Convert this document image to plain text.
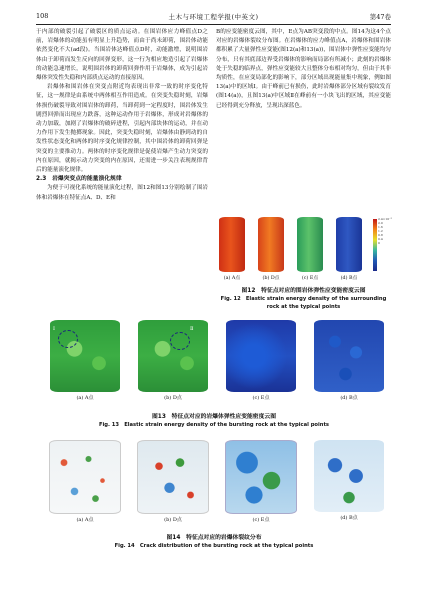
108	土木与环境工程学报(中英文)	第47卷

于内部的破裂引起了破裂区的质点运动。在围岩体应力峰值点D之前，岩爆体的动能虽有明显上升趋势，而由于尚未卸荷，围岩体动能依然变化不大(ad段)。当围岩体达峰值点D时，动能激增，说明围岩体由于卸荷而发生反向的回弹变形，这一行为相应地造引起了岩爆体的动能急速增长，说明围岩体的卸荷回弹作用于岩爆体，成为引起岩爆体突发性失稳和内部质点运动的直接原因。

岩爆体和围岩体在突变点附近均表现出非常一致的时序变化特征，这一规律是由系统中两体相互作用造成。在突变失稳时刻，岩爆体损伤破裂导致对围岩体的卸荷，当卸荷到一定程度时，围岩体发生剧烈回弹而出现应力跌落，这种运动作用于岩爆体，形成对岩爆体的动力加载，加剧了岩爆体的破碎进程，引起内部块体的运动，并在动力作用下发生抛掷现象。因此，突变失稳时刻，岩爆体由静到动的自发性状态变化和两体的时序变化规律控制，其中围岩体的卸荷回弹是突变的主要推动力。两体的时序变化规律是促使岩爆产生动力突变的内在原因，就揭示动力突变的内在原因，还需进一步关注表现规律背后的能量演化规律。

2.3　岩爆突变点的能量演化规律

为便于可视化系统的能量演化过程，图12和图13分别绘制了围岩体和岩爆体在特征点A、D、E和

B的应变能密度云图，其中，E点为AB突变段的中点。图14为这4个点对应的岩爆体裂纹分布图。在岩爆体的应力峰值点A，岩爆体和围岩体都积累了大量弹性应变能(图12(a)和13(a))，围岩体中弹性应变能均匀分布，只有其底部边界受岩爆体的影响而局部有所减小；此刻的岩爆体处于失稳的临界点，弹性应变能较大且整体分布相对均匀，但由于其非均质性，在应变局部化的影响下，部分区域出现能量集中现象，例如图13(a)中的区域Ⅰ。由于峰前已有损伤，此时岩爆体部分区域有裂纹发育(图14(a))，且图13(a)中区域Ⅱ在峰前有一小块飞出的区域，其应变能已经得到充分释放，呈现出深蓝色。

(a) A点	(b) D点	(c) E点	(d) B点
2.4×10⁻³
2.0
1.6
1.2
0.8
0.4
0
图12　特征点对应的围岩体弹性应变能密度云图
Fig. 12　Elastic strain energy density of the surrounding rock at the typical points
Ⅰ
(a) A点
Ⅱ
(b) D点	(c) E点	(d) B点
图13　特征点对应的岩爆体弹性应变能密度云图
Fig. 13　Elastic strain energy density of the bursting rock at the typical points
(a) A点	(b) D点	(c) E点	(d) B点
图14　特征点对应的岩爆体裂纹分布
Fig. 14　Crack distribution of the bursting rock at the typical points
